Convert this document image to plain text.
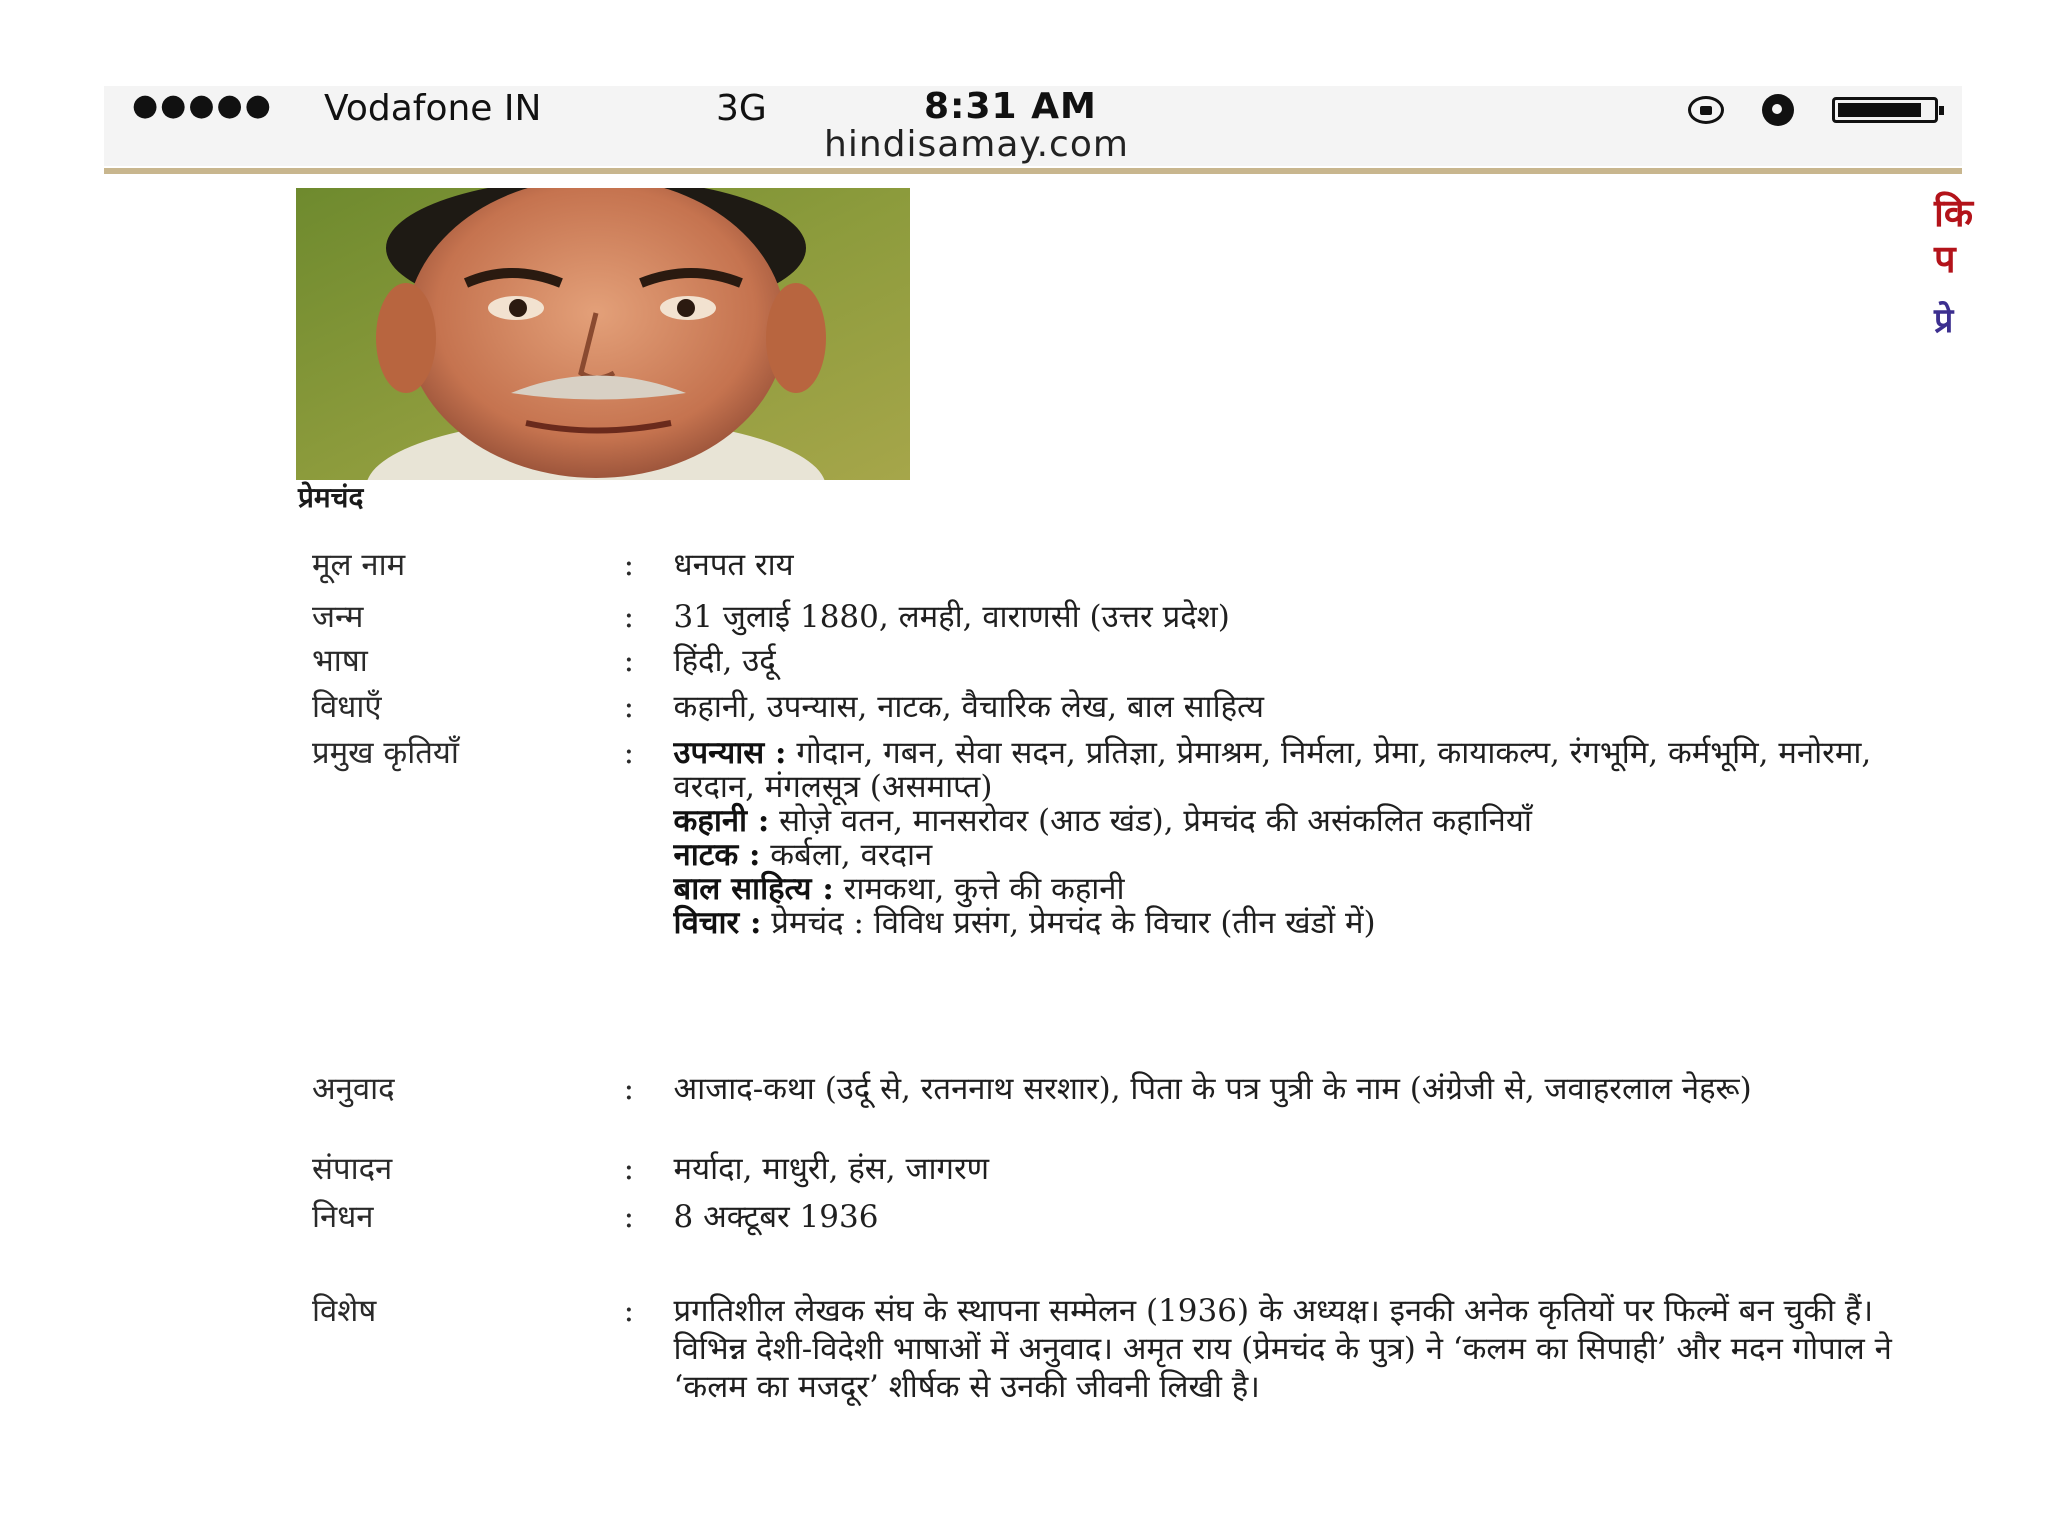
●●●●● Vodafone IN	3G	8:31 AM
hindisamay.com
प्रेमचंद
कि
प
प्रे
मूल नाम	:	धनपत राय
जन्म	:	31 जुलाई 1880, लमही, वाराणसी (उत्तर प्रदेश)
भाषा	:	हिंदी, उर्दू
विधाएँ	:	कहानी, उपन्यास, नाटक, वैचारिक लेख, बाल साहित्य
प्रमुख कृतियाँ	:	उपन्यास : गोदान, गबन, सेवा सदन, प्रतिज्ञा, प्रेमाश्रम, निर्मला, प्रेमा, कायाकल्प, रंगभूमि, कर्मभूमि, मनोरमा, वरदान, मंगलसूत्र (असमाप्त)
कहानी : सोज़े वतन, मानसरोवर (आठ खंड), प्रेमचंद की असंकलित कहानियाँ
नाटक : कर्बला, वरदान
बाल साहित्य : रामकथा, कुत्ते की कहानी
विचार : प्रेमचंद : विविध प्रसंग, प्रेमचंद के विचार (तीन खंडों में)
अनुवाद	:	आजाद-कथा (उर्दू से, रतननाथ सरशार), पिता के पत्र पुत्री के नाम (अंग्रेजी से, जवाहरलाल नेहरू)
संपादन	:	मर्यादा, माधुरी, हंस, जागरण
निधन	:	8 अक्टूबर 1936
विशेष	:	प्रगतिशील लेखक संघ के स्थापना सम्मेलन (1936) के अध्यक्ष। इनकी अनेक कृतियों पर फिल्में बन चुकी हैं। विभिन्न देशी-विदेशी भाषाओं में अनुवाद। अमृत राय (प्रेमचंद के पुत्र) ने ‘कलम का सिपाही’ और मदन गोपाल ने ‘कलम का मजदूर’ शीर्षक से उनकी जीवनी लिखी है।
